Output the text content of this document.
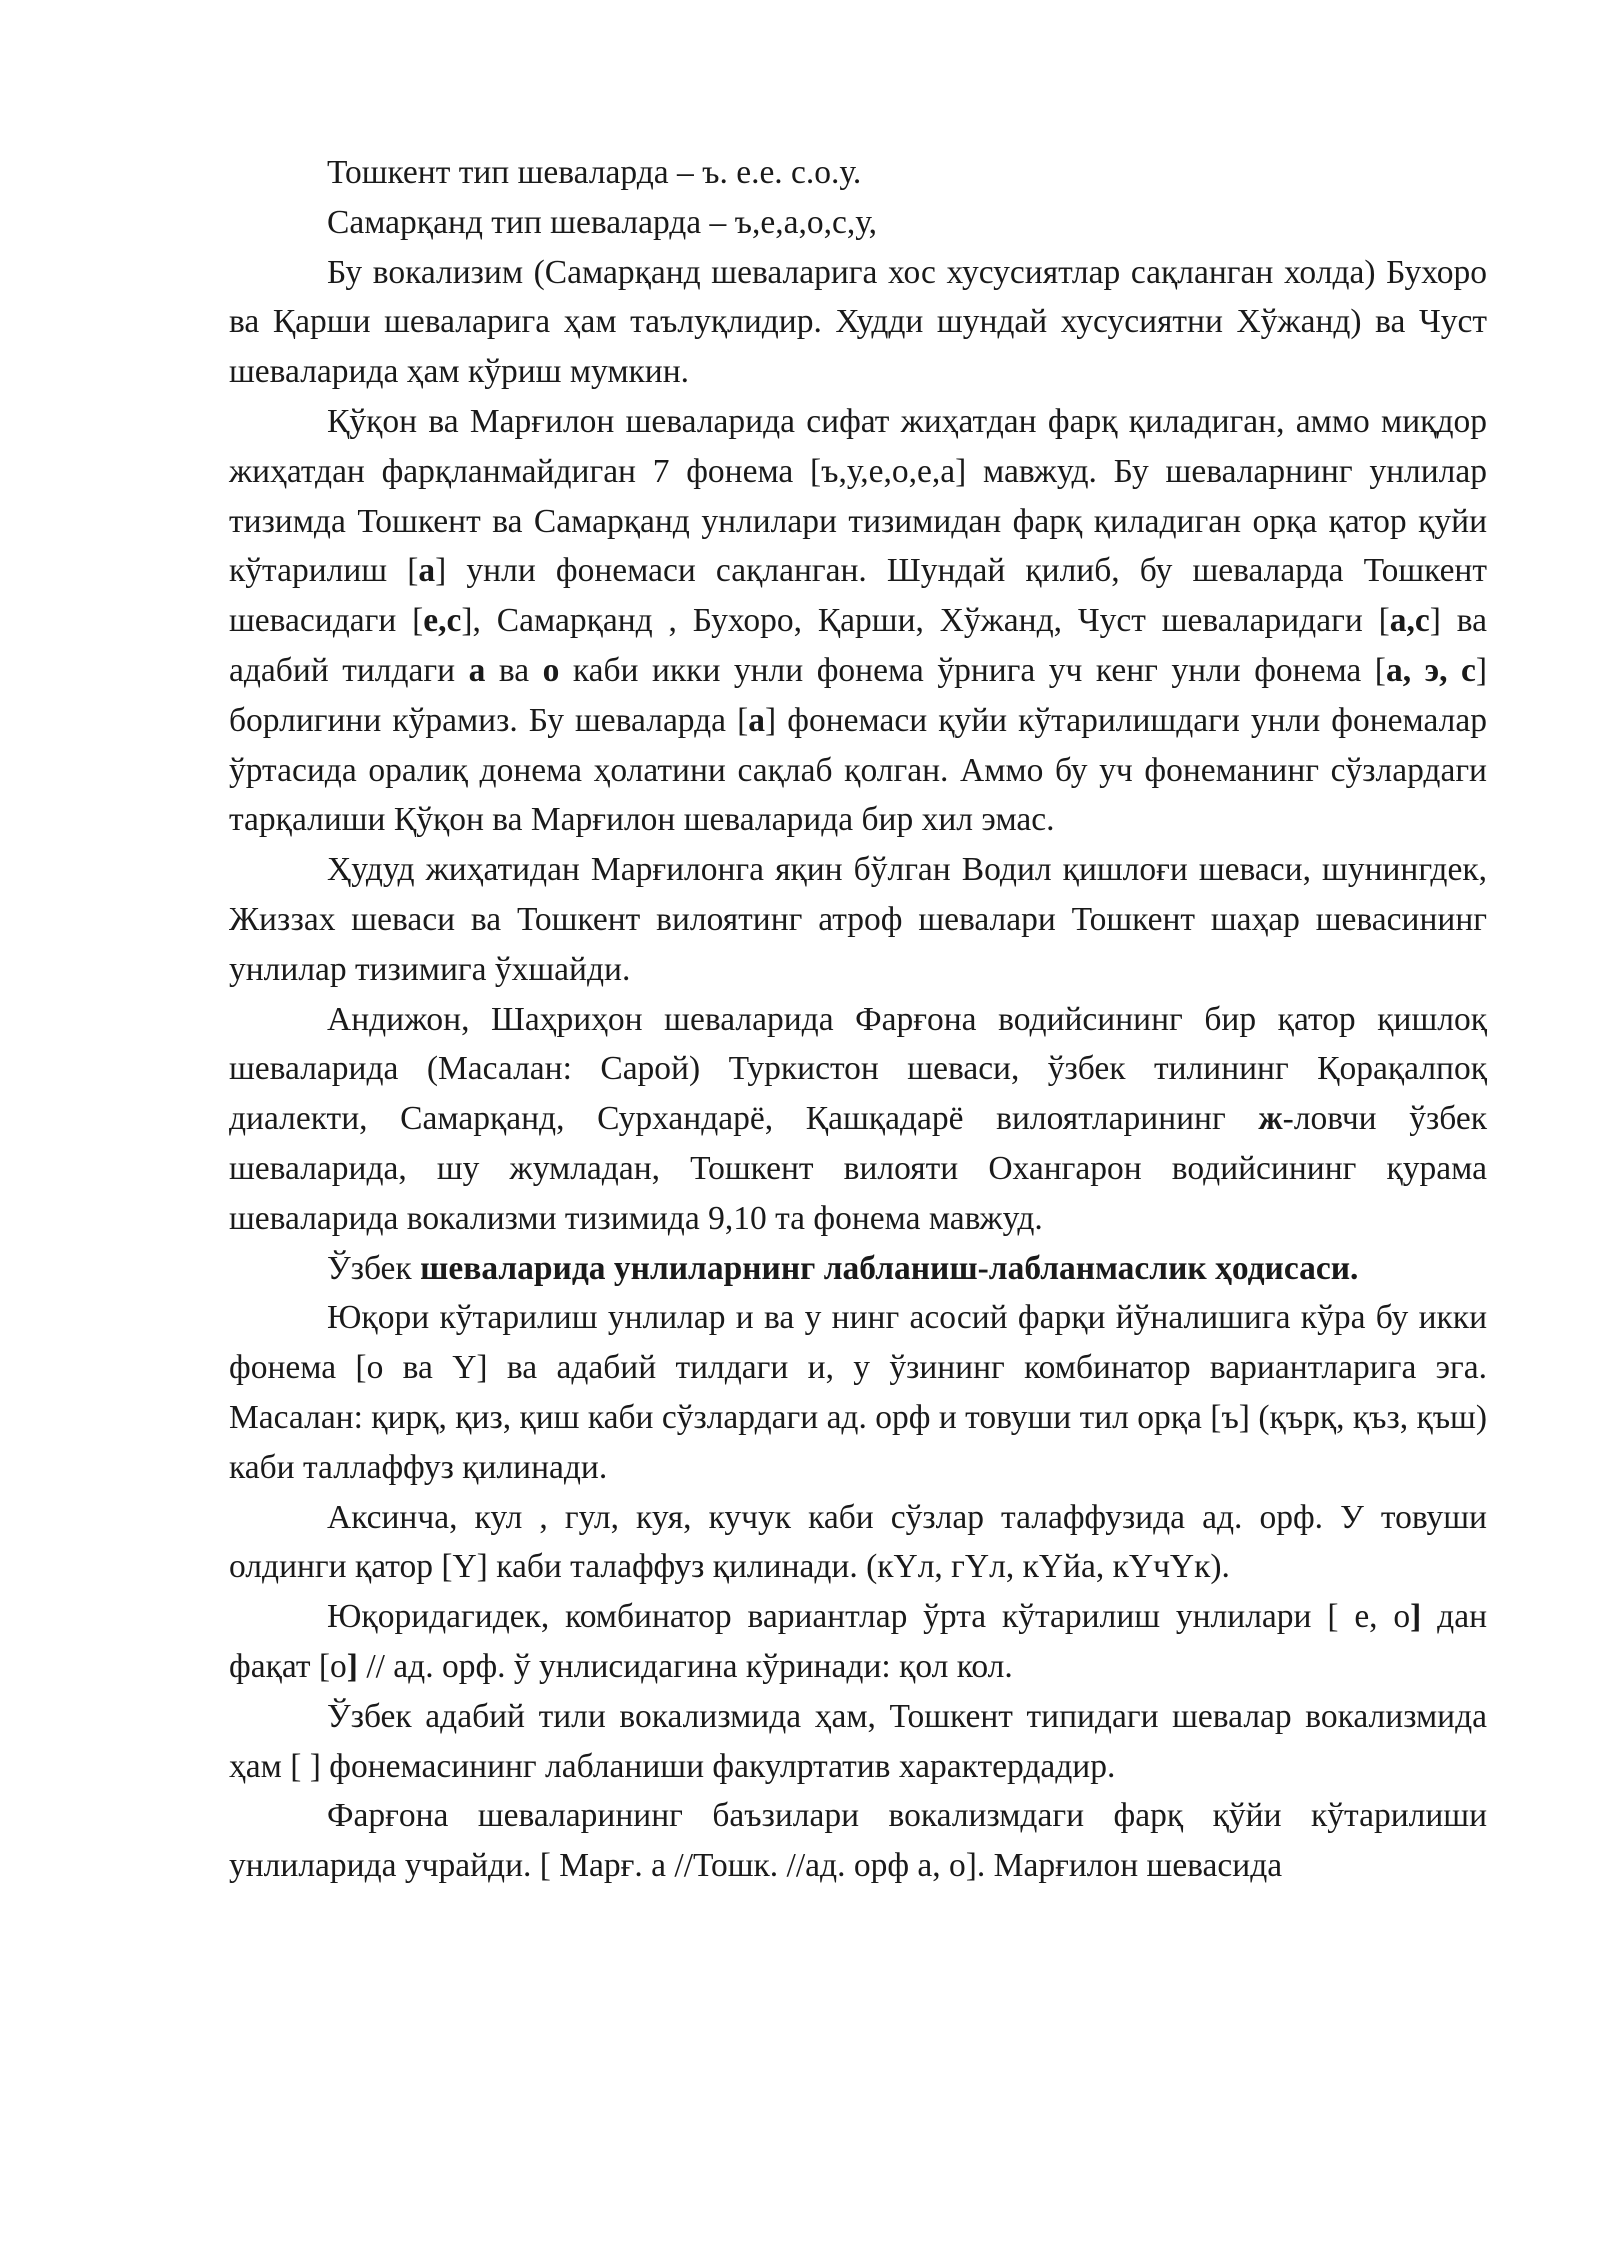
Тошкент тип шеваларда – ъ. е.е. с.о.у.

Самарқанд тип шеваларда – ъ,е,а,о,с,у,

Бу вокализим (Самарқанд шеваларига хос хусусиятлар сақланган холда) Бухоро ва Қарши шеваларига ҳам таълуқлидир. Худди шундай хусусиятни Хўжанд) ва Чуст шеваларида ҳам кўриш мумкин.

Қўқон ва Марғилон шеваларида сифат жиҳатдан фарқ қиладиган, аммо миқдор жиҳатдан фарқланмайдиган 7 фонема [ъ,у,е,о,е,а] мавжуд. Бу шеваларнинг унлилар тизимда Тошкент ва Самарқанд унлилари тизимидан фарқ қиладиган орқа қатор қуйи кўтарилиш [а] унли фонемаси сақланган. Шундай қилиб, бу шеваларда Тошкент шевасидаги [е,с], Самарқанд , Бухоро, Қарши, Хўжанд, Чуст шеваларидаги [а,с] ва адабий тилдаги а ва о каби икки унли фонема ўрнига уч кенг унли фонема [а, э, с] борлигини кўрамиз. Бу шеваларда [а] фонемаси қуйи кўтарилишдаги унли фонемалар ўртасида оралиқ донема ҳолатини сақлаб қолган. Аммо бу уч фонеманинг сўзлардаги тарқалиши Қўқон ва Марғилон шеваларида бир хил эмас.

Ҳудуд жиҳатидан Марғилонга яқин бўлган Водил қишлоғи шеваси, шунингдек, Жиззах шеваси ва Тошкент вилоятинг атроф шевалари Тошкент шаҳар шевасининг унлилар тизимига ўхшайди.

Андижон, Шаҳриҳон шеваларида Фарғона водийсининг бир қатор қишлоқ шеваларида (Масалан: Сарой) Туркистон шеваси, ўзбек тилининг Қорақалпоқ диалекти, Самарқанд, Сурхандарё, Қашқадарё вилоятларининг ж-ловчи ўзбек шеваларида, шу жумладан, Тошкент вилояти Охангарон водийсининг қурама шеваларида вокализми тизимида 9,10 та фонема мавжуд.

Ўзбек шеваларида унлиларнинг лабланиш-лабланмаслик ҳодисаси.

Юқори кўтарилиш унлилар и ва у нинг асосий фарқи йўналишига кўра бу икки фонема [о ва Y] ва адабий тилдаги и, у ўзининг комбинатор вариантларига эга. Масалан: қирқ, қиз, қиш каби сўзлардаги ад. орф и товуши тил орқа [ъ] (қърқ, қъз, қъш) каби таллаффуз қилинади.

Аксинча, кул , гул, куя, кучук каби сўзлар талаффузида ад. орф. У товуши олдинги қатор [Y] каби талаффуз қилинади. (кYл, гYл, кYйа, кYчYк).

Юқоридагидек, комбинатор вариантлар ўрта кўтарилиш унлилари [ е, о] дан фақат [о] // ад. орф. ў унлисидагина кўринади: қол кол.

Ўзбек адабий тили вокализмида ҳам, Тошкент типидаги шевалар вокализмида ҳам [ ] фонемасининг лабланиши факулртатив характердадир.

Фарғона шеваларининг баъзилари вокализмдаги фарқ қўйи кўтарилиши унлиларида учрайди. [ Марғ. а //Тошк. //ад. орф а, о]. Марғилон шевасида
